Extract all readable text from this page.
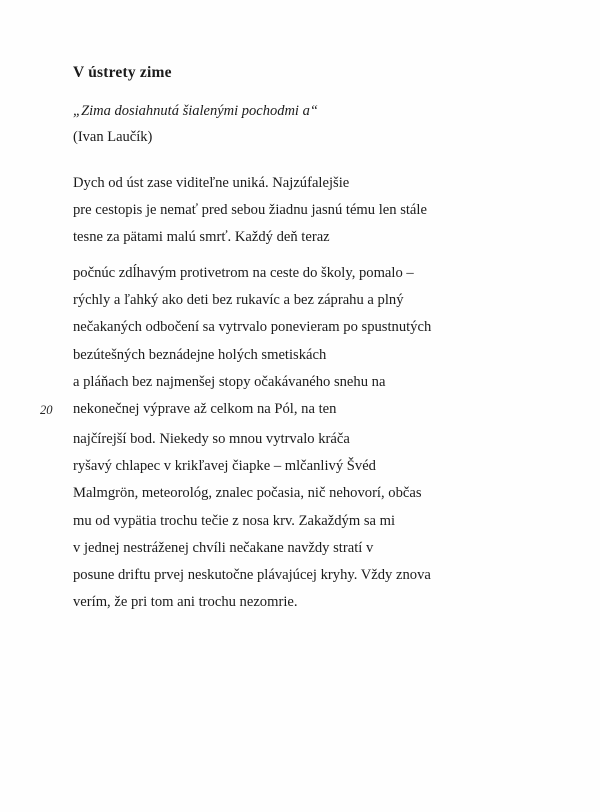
V ústrety zime
„Zima dosiahnutá šialenými pochodmi a“
(Ivan Laučík)
20
Dych od úst zase viditeľne uniká. Najzúfalejšie
pre cestopis je nemať pred sebou žiadnu jasnú tému len stále
tesne za pätami malú smrť. Každý deň teraz
počnúc zdĺhavým protivetrom na ceste do školy, pomalo –
rýchly a ľahký ako deti bez rukavíc a bez záprahu a plný
nečakaných odbočení sa vytrvalo ponevieram po spustnutých
bezútešných beznádejne holých smetiskách
a pláňach bez najmenšej stopy očakávaného snehu na
nekonečnej výprave až celkom na Pól, na ten
najčírejší bod. Niekedy so mnou vytrvalo kráča
ryšavý chlapec v krikľavej čiapke – mlčanlivý Švéd
Malmgrön, meteorológ, znalec počasia, nič nehovorí, občas
mu od vypätia trochu tečie z nosa krv. Zakaždým sa mi
v jednej nestráženej chvíli nečakane navždy stratí v
posune driftu prvej neskutočne plávajúcej kryhy. Vždy znova
verím, že pri tom ani trochu nezomrie.
